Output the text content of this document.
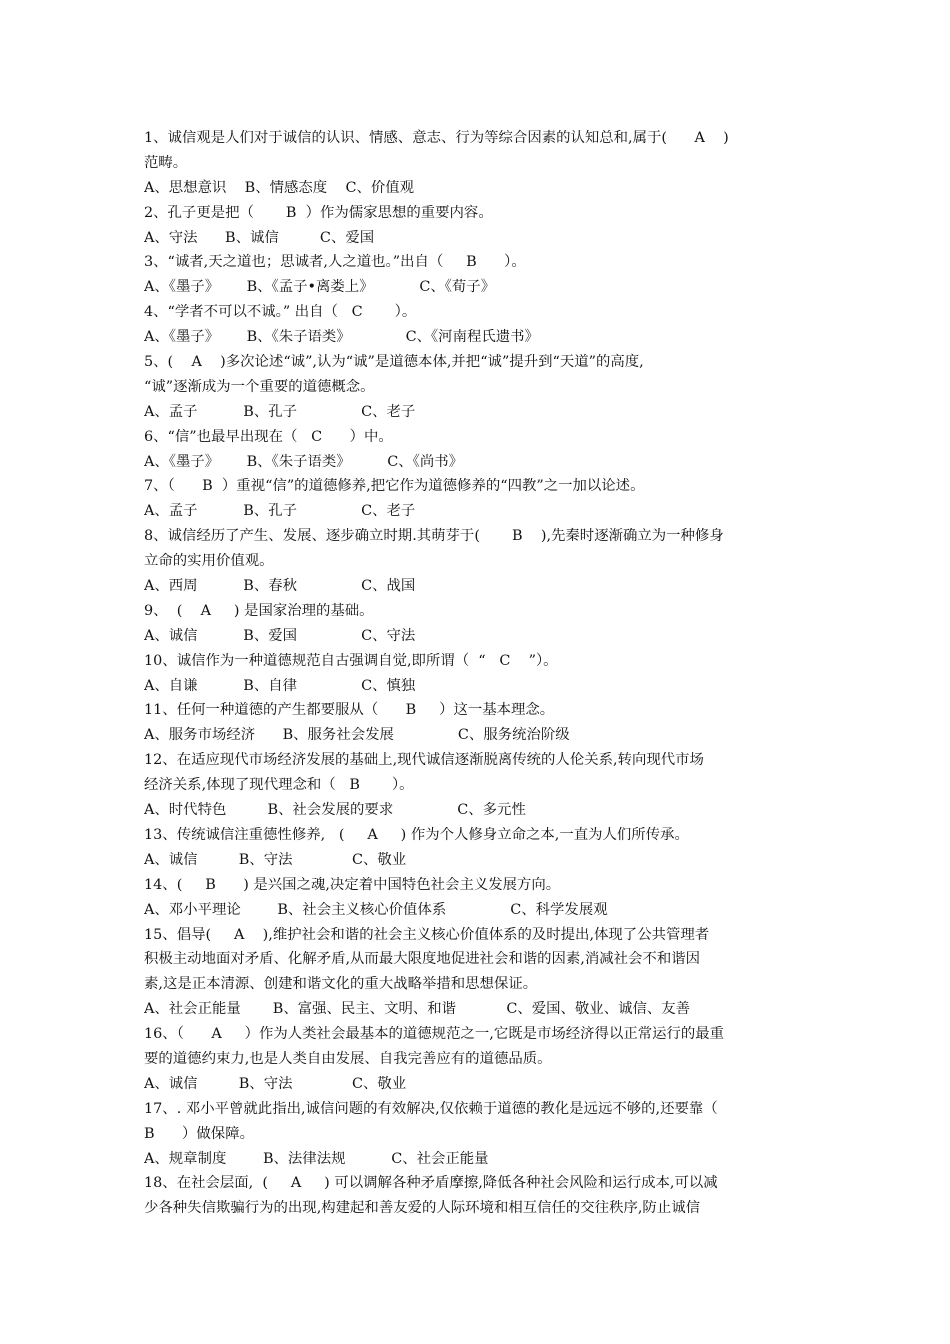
1、诚信观是人们对于诚信的认识、情感、意志、行为等综合因素的认知总和,属于(      A    )
范畴。
A、思想意识    B、情感态度    C、价值观
2、孔子更是把（       B  ）作为儒家思想的重要内容。
A、守法      B、诚信         C、爱国
3、“诚者,天之道也；思诚者,人之道也。”出自（     B      ）。
A、《墨子》      B、《孟子•离娄上》          C、《荀子》
4、“学者不可以不诚。” 出自（   C       ）。
A、《墨子》      B、《朱子语类》            C、《河南程氏遗书》
5、(    A    )多次论述“诚”,认为“诚”是道德本体,并把“诚”提升到“天道”的高度,
“诚”逐渐成为一个重要的道德概念。
A、孟子          B、孔子              C、老子
6、“信”也最早出现在（   C      ）中。
A、《墨子》      B、《朱子语类》        C、《尚书》
7、（      B  ）重视“信”的道德修养,把它作为道德修养的“四教”之一加以论述。
A、孟子          B、孔子              C、老子
8、诚信经历了产生、发展、逐步确立时期.其萌芽于(       B    ),先秦时逐渐确立为一种修身
立命的实用价值观。
A、西周          B、春秋              C、战国
9、  (    A     ) 是国家治理的基础。
A、诚信          B、爱国              C、守法
10、诚信作为一种道德规范自古强调自觉,即所谓（  “   C    ”）。
A、自谦          B、自律              C、慎独
11、任何一种道德的产生都要服从（      B     ）这一基本理念。
A、服务市场经济      B、服务社会发展              C、服务统治阶级
12、在适应现代市场经济发展的基础上,现代诚信逐渐脱离传统的人伦关系,转向现代市场
经济关系,体现了现代理念和（   B       ）。
A、时代特色         B、社会发展的要求              C、多元性
13、传统诚信注重德性修养,   (     A     ) 作为个人修身立命之本,一直为人们所传承。
A、诚信         B、守法             C、敬业
14、(     B      ) 是兴国之魂,决定着中国特色社会主义发展方向。
A、邓小平理论        B、社会主义核心价值体系              C、科学发展观
15、倡导(     A    ),维护社会和谐的社会主义核心价值体系的及时提出,体现了公共管理者
积极主动地面对矛盾、化解矛盾,从而最大限度地促进社会和谐的因素,消减社会不和谐因
素,这是正本清源、创建和谐文化的重大战略举措和思想保证。
A、社会正能量       B、富强、民主、文明、和谐           C、爱国、敬业、诚信、友善
16、（      A     ）作为人类社会最基本的道德规范之一,它既是市场经济得以正常运行的最重
要的道德约束力,也是人类自由发展、自我完善应有的道德品质。
A、诚信         B、守法             C、敬业
17、. 邓小平曾就此指出,诚信问题的有效解决,仅依赖于道德的教化是远远不够的,还要靠（
B      ）做保障。
A、规章制度        B、法律法规          C、社会正能量
18、在社会层面,  (     A     ) 可以调解各种矛盾摩擦,降低各种社会风险和运行成本,可以减
少各种失信欺骗行为的出现,构建起和善友爱的人际环境和相互信任的交往秩序,防止诚信
